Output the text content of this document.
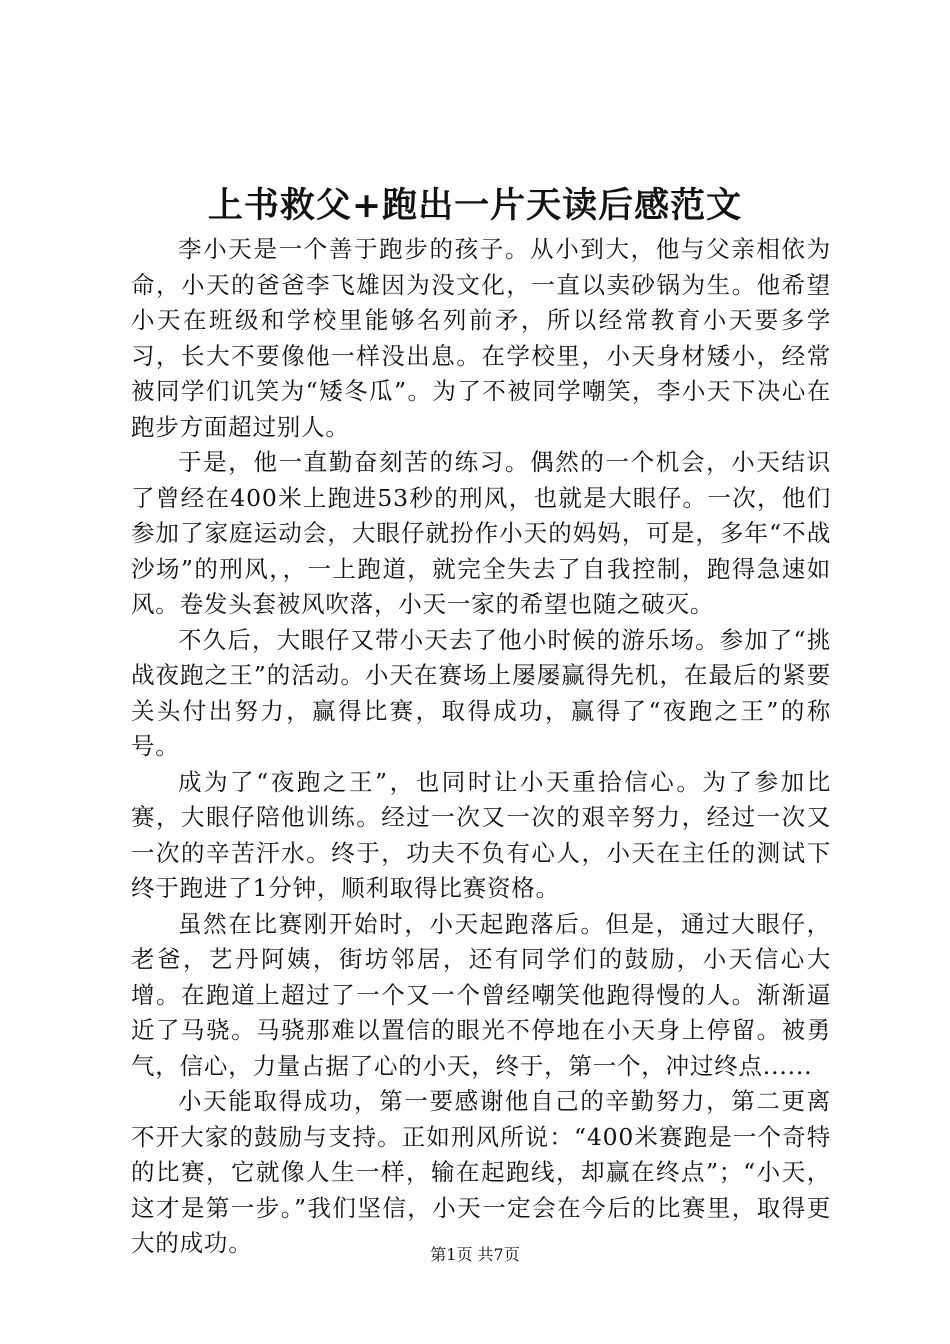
上书救父+跑出一片天读后感范文

李小天是一个善于跑步的孩子。从小到大，他与父亲相依为命，小天的爸爸李飞雄因为没文化，一直以卖砂锅为生。他希望小天在班级和学校里能够名列前矛，所以经常教育小天要多学习，长大不要像他一样没出息。在学校里，小天身材矮小，经常被同学们讥笑为“矮冬瓜”。为了不被同学嘲笑，李小天下决心在跑步方面超过别人。

于是，他一直勤奋刻苦的练习。偶然的一个机会，小天结识了曾经在400米上跑进53秒的刑风，也就是大眼仔。一次，他们参加了家庭运动会，大眼仔就扮作小天的妈妈，可是，多年“不战沙场”的刑风，，一上跑道，就完全失去了自我控制，跑得急速如风。卷发头套被风吹落，小天一家的希望也随之破灭。

不久后，大眼仔又带小天去了他小时候的游乐场。参加了“挑战夜跑之王”的活动。小天在赛场上屡屡赢得先机，在最后的紧要关头付出努力，赢得比赛，取得成功，赢得了“夜跑之王”的称号。

成为了“夜跑之王”，也同时让小天重拾信心。为了参加比赛，大眼仔陪他训练。经过一次又一次的艰辛努力，经过一次又一次的辛苦汗水。终于，功夫不负有心人，小天在主任的测试下终于跑进了1分钟，顺利取得比赛资格。

虽然在比赛刚开始时，小天起跑落后。但是，通过大眼仔，老爸，艺丹阿姨，街坊邻居，还有同学们的鼓励，小天信心大增。在跑道上超过了一个又一个曾经嘲笑他跑得慢的人。渐渐逼近了马骁。马骁那难以置信的眼光不停地在小天身上停留。被勇气，信心，力量占据了心的小天，终于，第一个，冲过终点......

小天能取得成功，第一要感谢他自己的辛勤努力，第二更离不开大家的鼓励与支持。正如刑风所说：“400米赛跑是一个奇特的比赛，它就像人生一样，输在起跑线，却赢在终点”；“小天，这才是第一步。”我们坚信，小天一定会在今后的比赛里，取得更大的成功。	第1页 共7页
